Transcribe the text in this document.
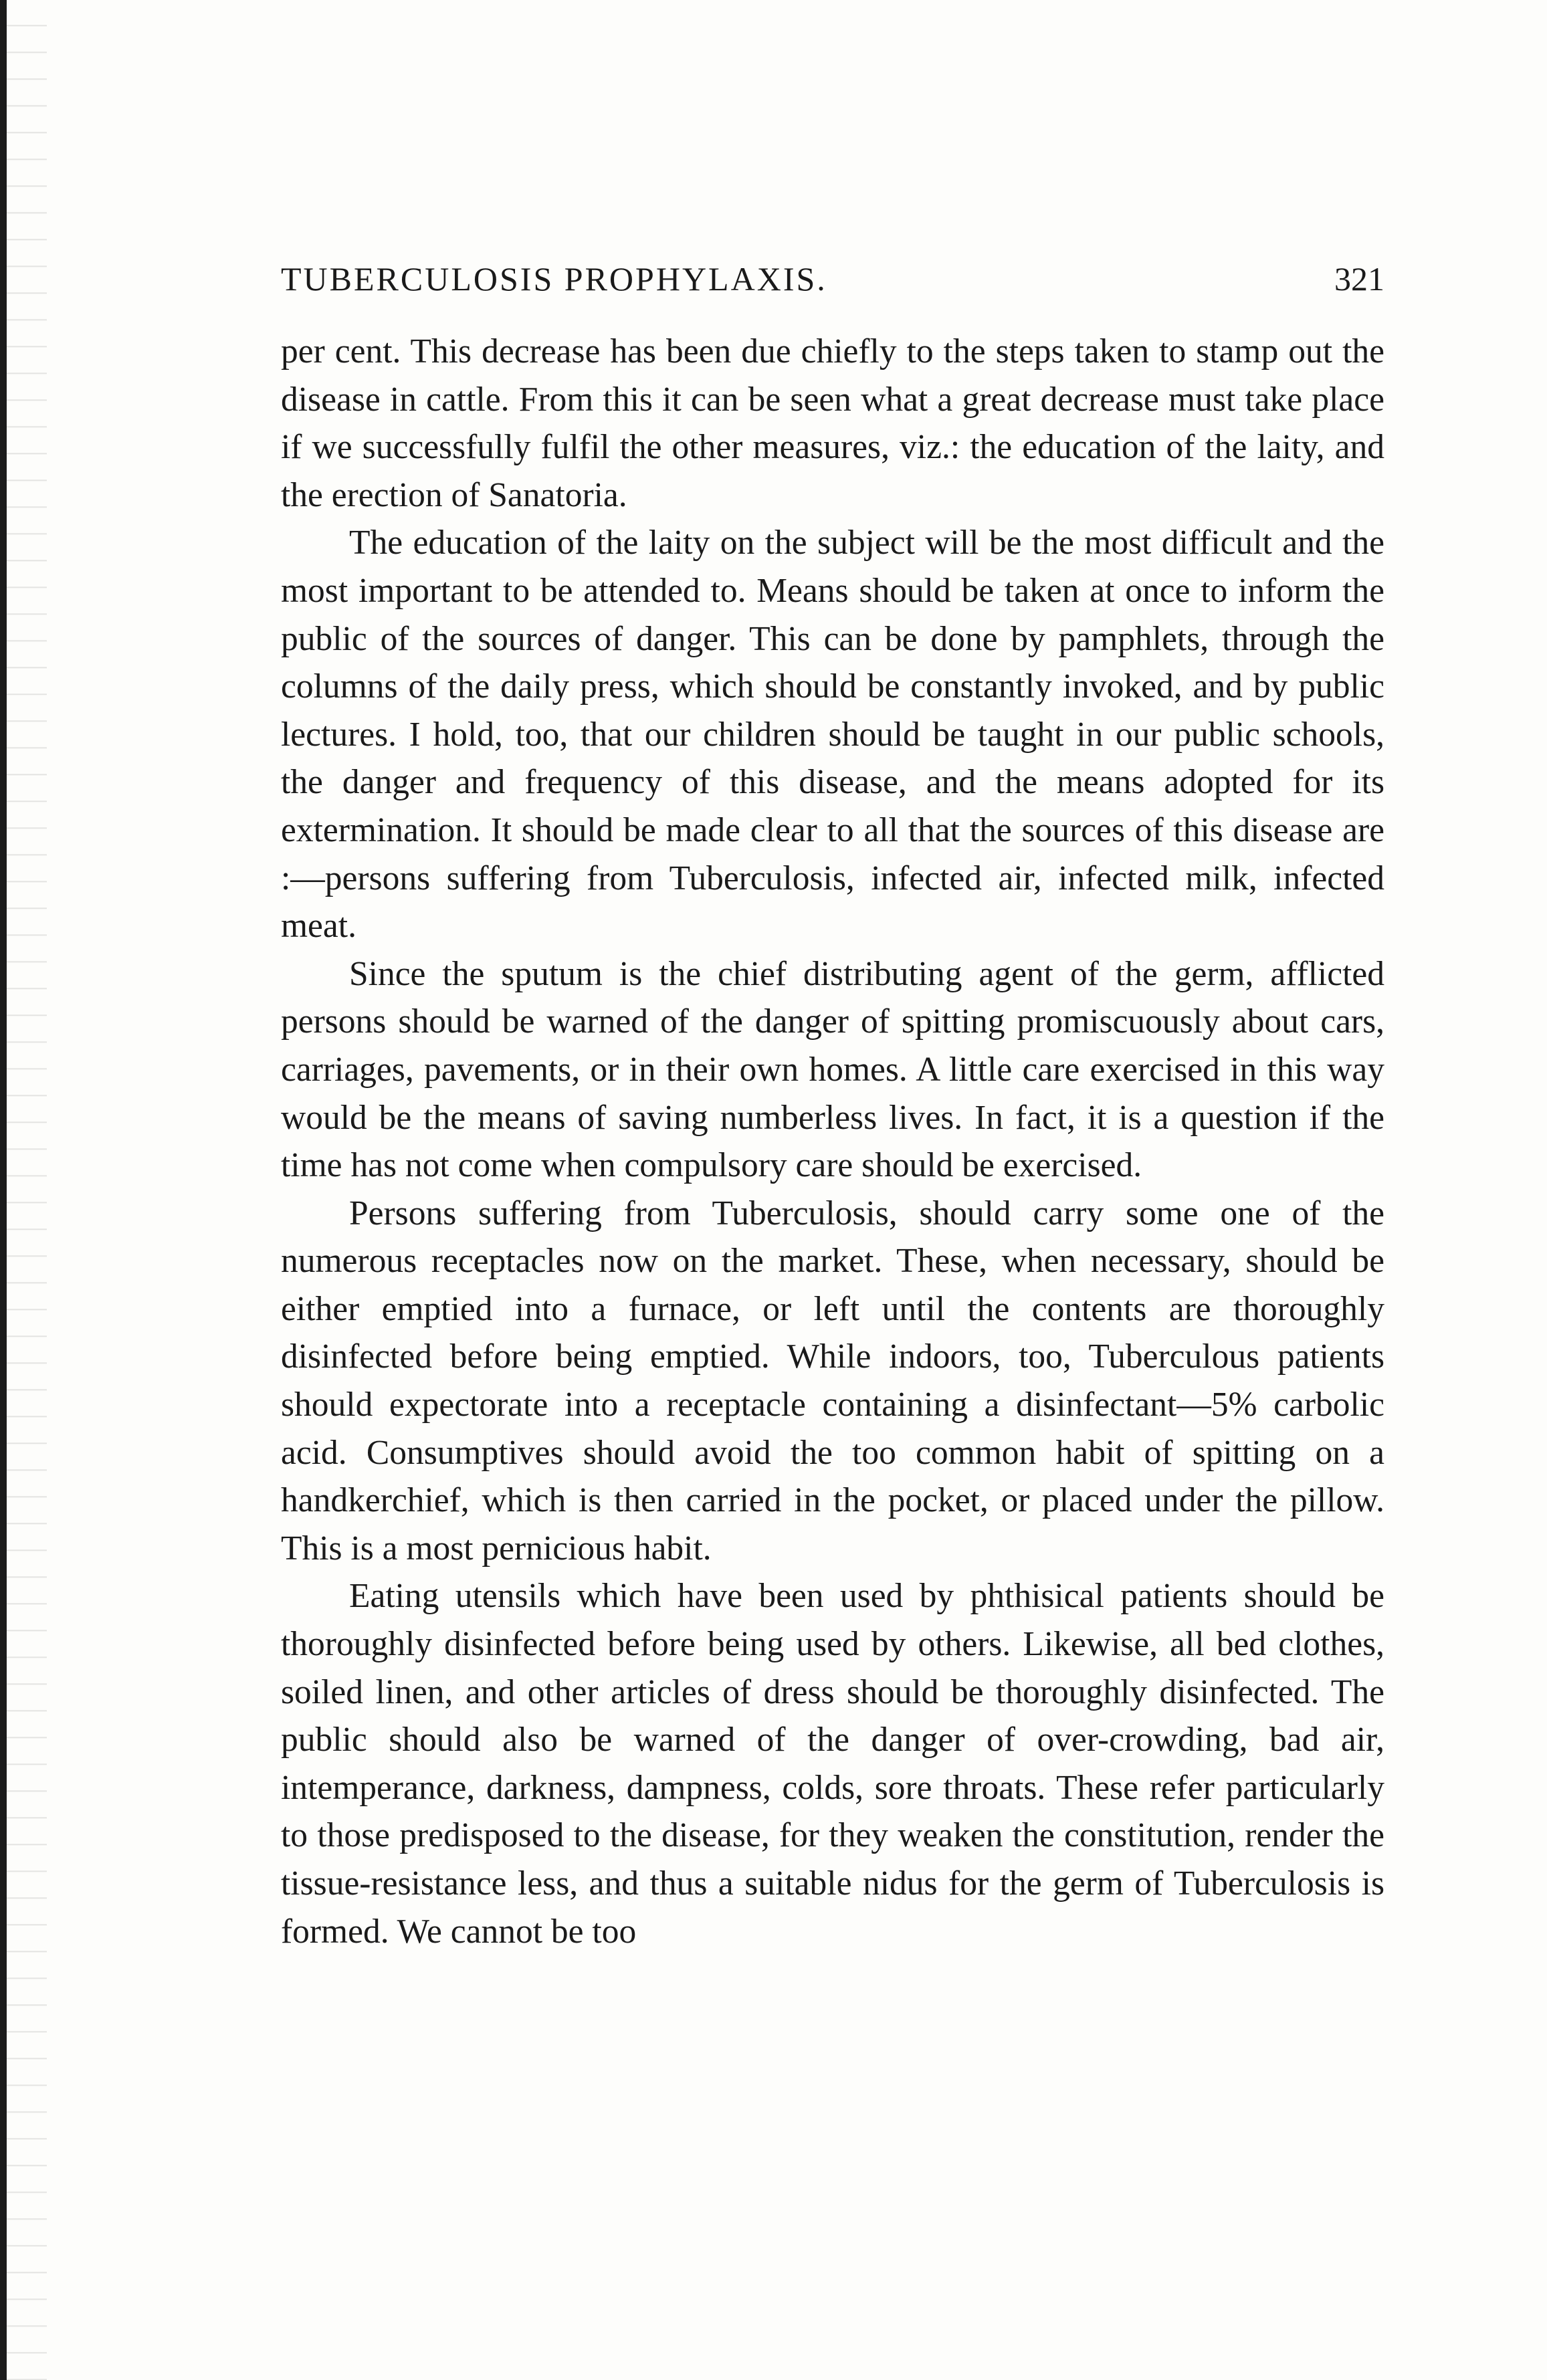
TUBERCULOSIS PROPHYLAXIS.	321

per cent. This decrease has been due chiefly to the steps taken to stamp out the disease in cattle. From this it can be seen what a great decrease must take place if we successfully fulfil the other measures, viz.: the education of the laity, and the erection of Sanatoria.

The education of the laity on the subject will be the most difficult and the most important to be attended to. Means should be taken at once to inform the public of the sources of danger. This can be done by pamphlets, through the columns of the daily press, which should be constantly invoked, and by public lectures. I hold, too, that our children should be taught in our public schools, the danger and frequency of this disease, and the means adopted for its extermination. It should be made clear to all that the sources of this disease are :—persons suffering from Tuberculosis, infected air, infected milk, infected meat.

Since the sputum is the chief distributing agent of the germ, afflicted persons should be warned of the danger of spitting promiscuously about cars, carriages, pavements, or in their own homes. A little care exercised in this way would be the means of saving numberless lives. In fact, it is a question if the time has not come when compulsory care should be exercised.

Persons suffering from Tuberculosis, should carry some one of the numerous receptacles now on the market. These, when necessary, should be either emptied into a furnace, or left until the contents are thoroughly disinfected before being emptied. While indoors, too, Tuberculous patients should expectorate into a receptacle containing a disinfectant—5% carbolic acid. Consumptives should avoid the too common habit of spitting on a handkerchief, which is then carried in the pocket, or placed under the pillow. This is a most pernicious habit.

Eating utensils which have been used by phthisical patients should be thoroughly disinfected before being used by others. Likewise, all bed clothes, soiled linen, and other articles of dress should be thoroughly disinfected. The public should also be warned of the danger of over-crowding, bad air, intemperance, darkness, dampness, colds, sore throats. These refer particularly to those predisposed to the disease, for they weaken the constitution, render the tissue-resistance less, and thus a suitable nidus for the germ of Tuberculosis is formed. We cannot be too
